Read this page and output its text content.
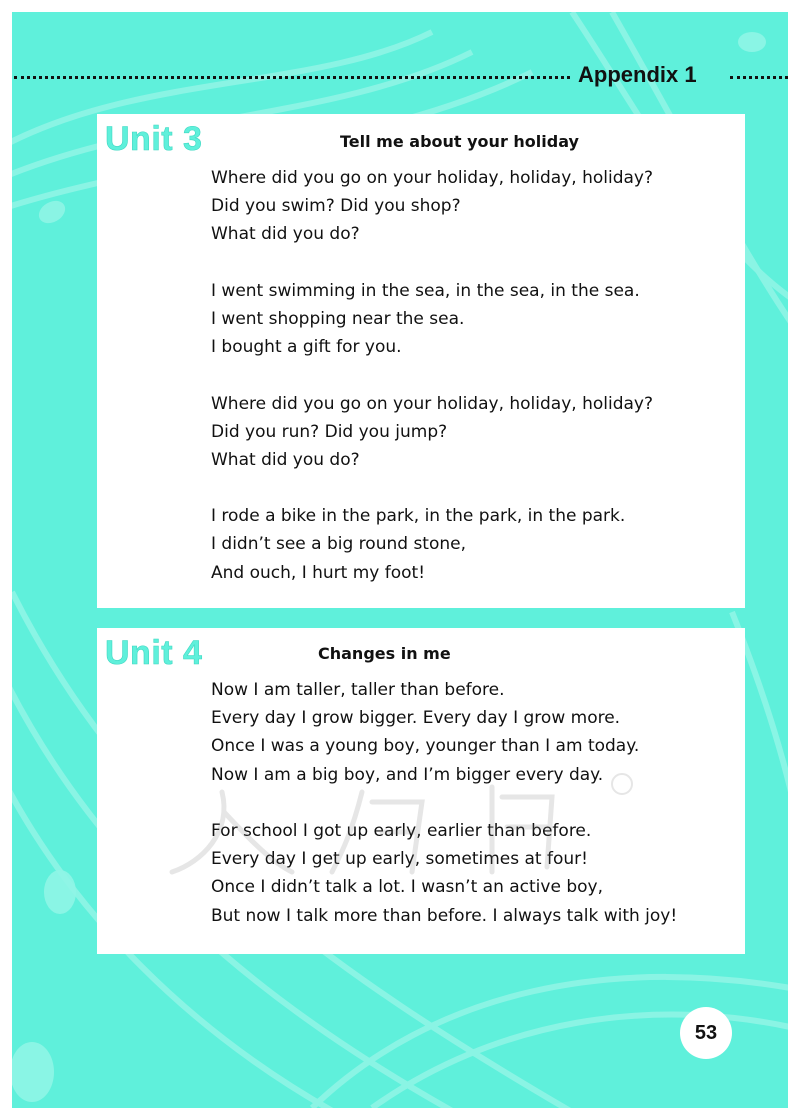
Appendix 1
Unit 3	Tell me about your holiday
Where did you go on your holiday, holiday, holiday?
Did you swim? Did you shop?
What did you do?
I went swimming in the sea, in the sea, in the sea.
I went shopping near the sea.
I bought a gift for you.
Where did you go on your holiday, holiday, holiday?
Did you run? Did you jump?
What did you do?
I rode a bike in the park, in the park, in the park.
I didn’t see a big round stone,
And ouch, I hurt my foot!
Unit 4	Changes in me
Now I am taller, taller than before.
Every day I grow bigger. Every day I grow more.
Once I was a young boy, younger than I am today.
Now I am a big boy, and I’m bigger every day.
For school I got up early, earlier than before.
Every day I get up early, sometimes at four!
Once I didn’t talk a lot. I wasn’t an active boy,
But now I talk more than before. I always talk with joy!
53
